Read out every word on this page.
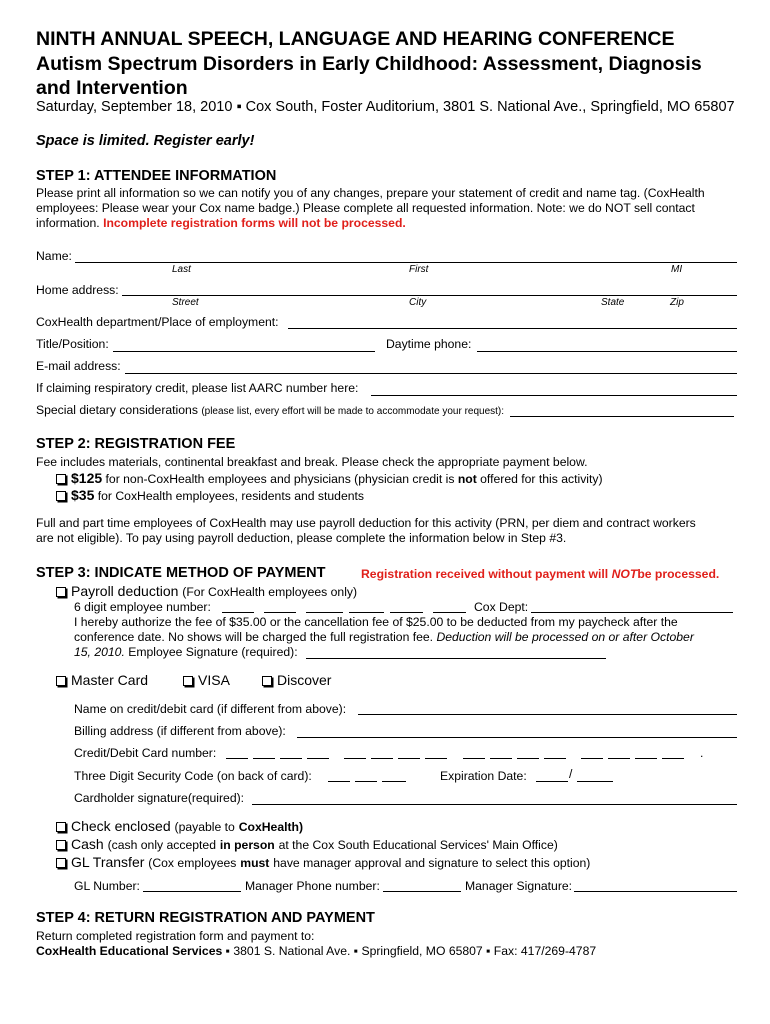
NINTH ANNUAL SPEECH, LANGUAGE AND HEARING CONFERENCE
Autism Spectrum Disorders in Early Childhood: Assessment, Diagnosis
and Intervention
Saturday, September 18, 2010 ▪ Cox South, Foster Auditorium, 3801 S. National Ave., Springfield, MO 65807
Space is limited. Register early!
STEP 1: ATTENDEE INFORMATION
Please print all information so we can notify you of any changes, prepare your statement of credit and name tag. (CoxHealth
employees: Please wear your Cox name badge.) Please complete all requested information. Note: we do NOT sell contact
information. Incomplete registration forms will not be processed.
Name:
Last	First	MI
Home address:
Street	City	State	Zip
CoxHealth department/Place of employment:
Title/Position:	Daytime phone:
E-mail address:
If claiming respiratory credit, please list AARC number here:
Special dietary considerations (please list, every effort will be made to accommodate your request):
STEP 2: REGISTRATION FEE
Fee includes materials, continental breakfast and break. Please check the appropriate payment below.
$125 for non-CoxHealth employees and physicians (physician credit is not offered for this activity)
$35 for CoxHealth employees, residents and students
Full and part time employees of CoxHealth may use payroll deduction for this activity (PRN, per diem and contract workers
are not eligible). To pay using payroll deduction, please complete the information below in Step #3.
STEP 3: INDICATE METHOD OF PAYMENT	Registration received without payment will NOTbe processed.
Payroll deduction (For CoxHealth employees only)
6 digit employee number:	Cox Dept:
I hereby authorize the fee of $35.00 or the cancellation fee of $25.00 to be deducted from my paycheck after the
conference date. No shows will be charged the full registration fee. Deduction will be processed on or after October
15, 2010. Employee Signature (required):
Master Card	VISA	Discover
Name on credit/debit card (if different from above):
Billing address (if different from above):
Credit/Debit Card number:	.
Three Digit Security Code (on back of card):	Expiration Date:	/
Cardholder signature(required):
Check enclosed (payable to CoxHealth)
Cash (cash only accepted in person at the Cox South Educational Services' Main Office)
GL Transfer (Cox employees must have manager approval and signature to select this option)
GL Number:	Manager Phone number:	Manager Signature:
STEP 4: RETURN REGISTRATION AND PAYMENT
Return completed registration form and payment to:
CoxHealth Educational Services ▪ 3801 S. National Ave. ▪ Springfield, MO 65807 ▪ Fax: 417/269-4787
